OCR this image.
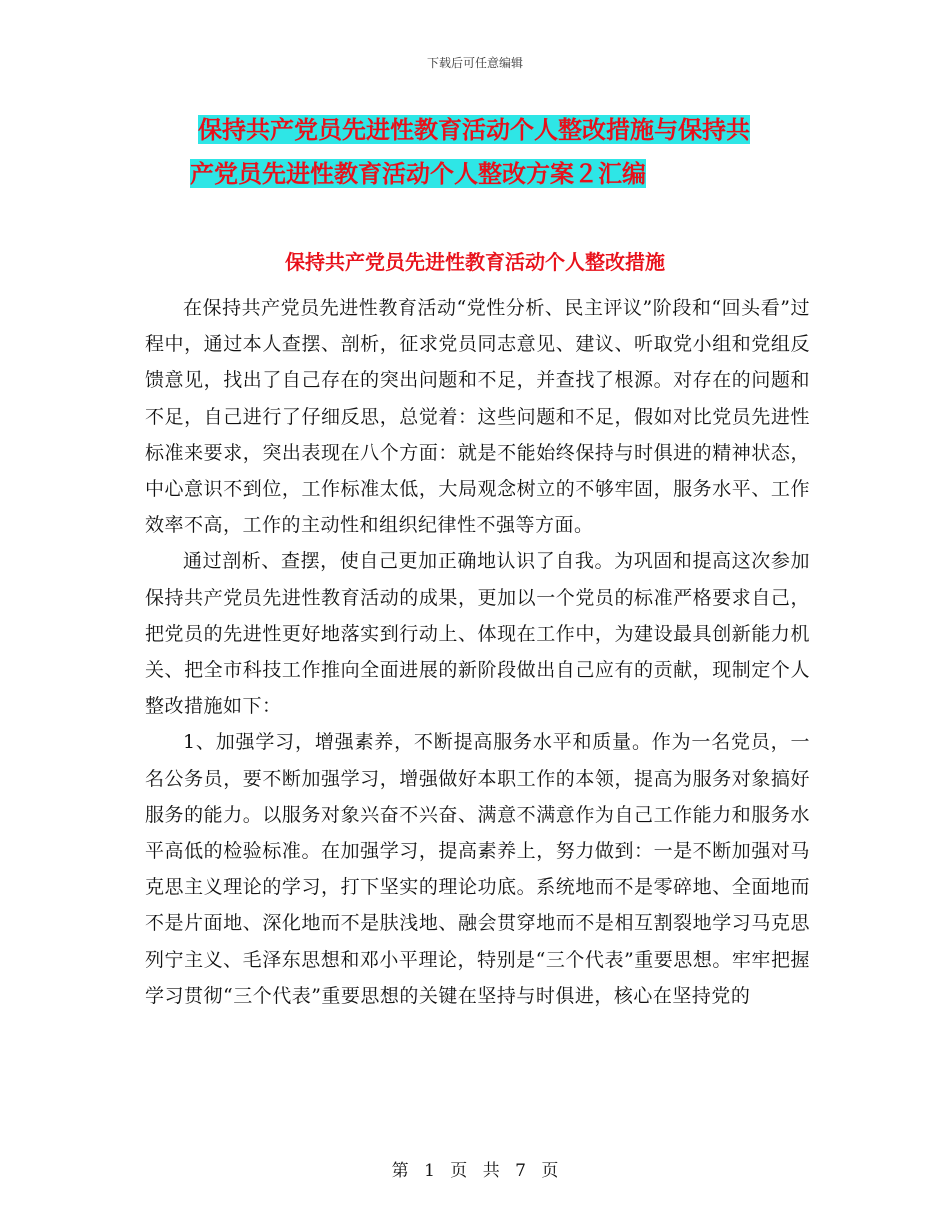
下载后可任意编辑
保持共产党员先进性教育活动个人整改措施与保持共
产党员先进性教育活动个人整改方案２汇编
保持共产党员先进性教育活动个人整改措施

在保持共产党员先进性教育活动“党性分析、民主评议”阶段和“回头看”过程中，通过本人查摆、剖析，征求党员同志意见、建议、听取党小组和党组反馈意见，找出了自己存在的突出问题和不足，并查找了根源。对存在的问题和不足，自己进行了仔细反思，总觉着：这些问题和不足，假如对比党员先进性标准来要求，突出表现在八个方面：就是不能始终保持与时俱进的精神状态，中心意识不到位，工作标准太低，大局观念树立的不够牢固，服务水平、工作效率不高，工作的主动性和组织纪律性不强等方面。

通过剖析、查摆，使自己更加正确地认识了自我。为巩固和提高这次参加保持共产党员先进性教育活动的成果，更加以一个党员的标准严格要求自己，把党员的先进性更好地落实到行动上、体现在工作中，为建设最具创新能力机关、把全市科技工作推向全面进展的新阶段做出自己应有的贡献，现制定个人整改措施如下：

1、加强学习，增强素养，不断提高服务水平和质量。作为一名党员，一名公务员，要不断加强学习，增强做好本职工作的本领，提高为服务对象搞好服务的能力。以服务对象兴奋不兴奋、满意不满意作为自己工作能力和服务水平高低的检验标准。在加强学习，提高素养上，努力做到：一是不断加强对马克思主义理论的学习，打下坚实的理论功底。系统地而不是零碎地、全面地而不是片面地、深化地而不是肤浅地、融会贯穿地而不是相互割裂地学习马克思列宁主义、毛泽东思想和邓小平理论，特别是“三个代表”重要思想。牢牢把握学习贯彻“三个代表”重要思想的关键在坚持与时俱进，核心在坚持党的

第 1 页 共 7 页
